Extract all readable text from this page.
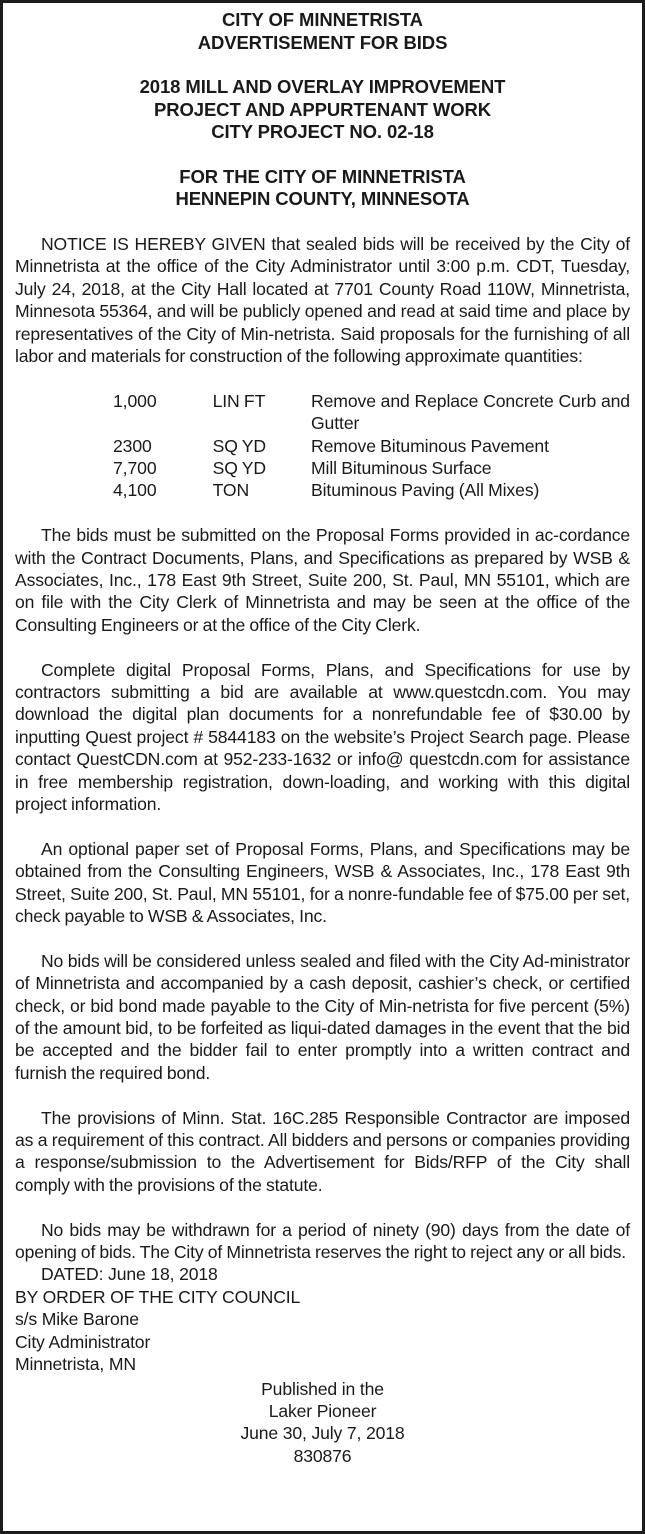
CITY OF MINNETRISTA
ADVERTISEMENT FOR BIDS
2018 MILL AND OVERLAY IMPROVEMENT
PROJECT AND APPURTENANT WORK
CITY PROJECT NO. 02-18
FOR THE CITY OF MINNETRISTA
HENNEPIN COUNTY, MINNESOTA

NOTICE IS HEREBY GIVEN that sealed bids will be received by the City of Minnetrista at the office of the City Administrator until 3:00 p.m. CDT, Tuesday, July 24, 2018, at the City Hall located at 7701 County Road 110W, Minnetrista, Minnesota 55364, and will be publicly opened and read at said time and place by representatives of the City of Min-netrista. Said proposals for the furnishing of all labor and materials for construction of the following approximate quantities:

1,000	LIN FT	Remove and Replace Concrete Curb and Gutter
2300	SQ YD	Remove Bituminous Pavement
7,700	SQ YD	Mill Bituminous Surface
4,100	TON	Bituminous Paving (All Mixes)

The bids must be submitted on the Proposal Forms provided in ac-cordance with the Contract Documents, Plans, and Specifications as prepared by WSB & Associates, Inc., 178 East 9th Street, Suite 200, St. Paul, MN 55101, which are on file with the City Clerk of Minnetrista and may be seen at the office of the Consulting Engineers or at the office of the City Clerk.

Complete digital Proposal Forms, Plans, and Specifications for use by contractors submitting a bid are available at www.questcdn.com. You may download the digital plan documents for a nonrefundable fee of $30.00 by inputting Quest project # 5844183 on the website’s Project Search page. Please contact QuestCDN.com at 952-233-1632 or info@ questcdn.com for assistance in free membership registration, down-loading, and working with this digital project information.

An optional paper set of Proposal Forms, Plans, and Specifications may be obtained from the Consulting Engineers, WSB & Associates, Inc., 178 East 9th Street, Suite 200, St. Paul, MN 55101, for a nonre-fundable fee of $75.00 per set, check payable to WSB & Associates, Inc.

No bids will be considered unless sealed and filed with the City Ad-ministrator of Minnetrista and accompanied by a cash deposit, cashier’s check, or certified check, or bid bond made payable to the City of Min-netrista for five percent (5%) of the amount bid, to be forfeited as liqui-dated damages in the event that the bid be accepted and the bidder fail to enter promptly into a written contract and furnish the required bond.

The provisions of Minn. Stat. 16C.285 Responsible Contractor are imposed as a requirement of this contract. All bidders and persons or companies providing a response/submission to the Advertisement for Bids/RFP of the City shall comply with the provisions of the statute.

No bids may be withdrawn for a period of ninety (90) days from the date of opening of bids. The City of Minnetrista reserves the right to reject any or all bids.

DATED: June 18, 2018
BY ORDER OF THE CITY COUNCIL
s/s Mike Barone
City Administrator
Minnetrista, MN
Published in the
Laker Pioneer
June 30, July 7, 2018
830876
